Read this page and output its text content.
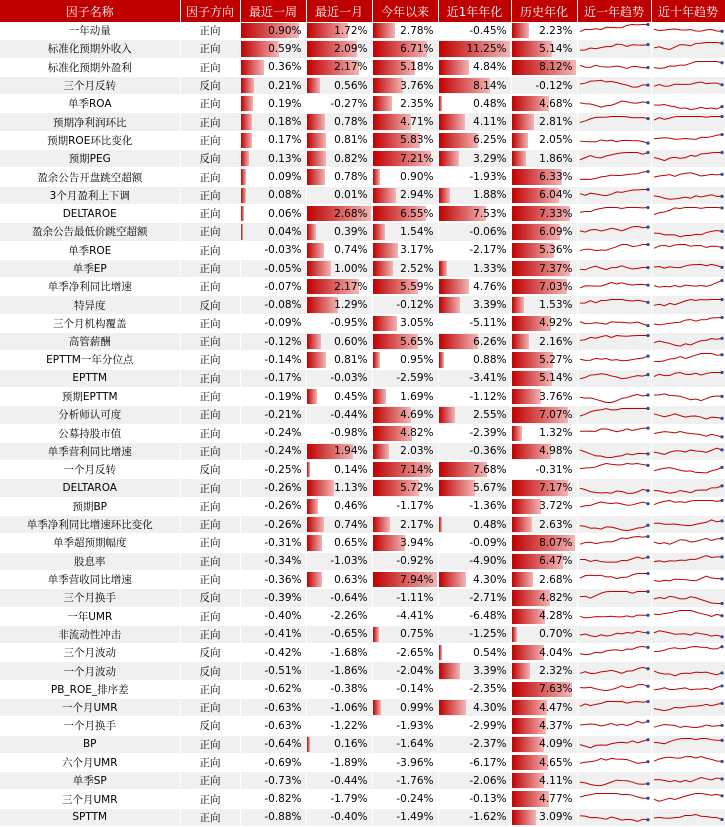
因子名称	因子方向	最近一周	最近一月	今年以来	近1年年化	历史年化	近一年趋势	近十年趋势
一年动量	正向	0.90%	1.72%	2.78%	-0.45%	2.23%	

标准化预期外收入	正向	0.59%	2.09%	6.71%	11.25%	5.14%	

标准化预期外盈利	正向	0.36%	2.17%	5.18%	4.84%	8.12%	

三个月反转	反向	0.21%	0.56%	3.76%	8.14%	-0.12%	

单季ROA	正向	0.19%	-0.27%	2.35%	0.48%	4.68%	

预期净利润环比	正向	0.18%	0.78%	4.71%	4.11%	2.81%	

预期ROE环比变化	正向	0.17%	0.81%	5.83%	6.25%	2.05%	

预期PEG	反向	0.13%	0.82%	7.21%	3.29%	1.86%	

盈余公告开盘跳空超额	正向	0.09%	0.78%	0.90%	-1.93%	6.33%	

3个月盈利上下调	正向	0.08%	0.01%	2.94%	1.88%	6.04%	

DELTAROE	正向	0.06%	2.68%	6.55%	7.53%	7.33%	

盈余公告最低价跳空超额	正向	0.04%	0.39%	1.54%	-0.06%	6.09%	

单季ROE	正向	-0.03%	0.74%	3.17%	-2.17%	5.36%	

单季EP	正向	-0.05%	1.00%	2.52%	1.33%	7.37%	

单季净利同比增速	正向	-0.07%	2.17%	5.59%	4.76%	7.03%	

特异度	反向	-0.08%	1.29%	-0.12%	3.39%	1.53%	

三个月机构覆盖	正向	-0.09%	-0.95%	3.05%	-5.11%	4.92%	

高管薪酬	正向	-0.12%	0.60%	5.65%	6.26%	2.16%	

EPTTM一年分位点	正向	-0.14%	0.81%	0.95%	0.88%	5.27%	

EPTTM	正向	-0.17%	-0.03%	-2.59%	-3.41%	5.14%	

预期EPTTM	正向	-0.19%	0.45%	1.69%	-1.12%	3.76%	

分析师认可度	正向	-0.21%	-0.44%	4.69%	2.55%	7.07%	

公募持股市值	正向	-0.24%	-0.98%	4.82%	-2.39%	1.32%	

单季营利同比增速	正向	-0.24%	1.94%	2.03%	-0.36%	4.98%	

一个月反转	反向	-0.25%	0.14%	7.14%	7.68%	-0.31%	

DELTAROA	正向	-0.26%	1.13%	5.72%	5.67%	7.17%	

预期BP	正向	-0.26%	0.46%	-1.17%	-1.36%	3.72%	

单季净利同比增速环比变化	正向	-0.26%	0.74%	2.17%	0.48%	2.63%	

单季超预期幅度	正向	-0.31%	0.65%	3.94%	-0.09%	8.07%	

股息率	正向	-0.34%	-1.03%	-0.92%	-4.90%	6.47%	

单季营收同比增速	正向	-0.36%	0.63%	7.94%	4.30%	2.68%	

三个月换手	反向	-0.39%	-0.64%	-1.11%	-2.71%	4.82%	

一年UMR	正向	-0.40%	-2.26%	-4.41%	-6.48%	4.28%	

非流动性冲击	正向	-0.41%	-0.65%	0.75%	-1.25%	0.70%	

三个月波动	反向	-0.42%	-1.68%	-2.65%	0.54%	4.04%	

一个月波动	反向	-0.51%	-1.86%	-2.04%	3.39%	2.32%	

PB_ROE_排序差	正向	-0.62%	-0.38%	-0.14%	-2.35%	7.63%	

一个月UMR	正向	-0.63%	-1.06%	0.99%	4.30%	4.47%	

一个月换手	反向	-0.63%	-1.22%	-1.93%	-2.99%	4.37%	

BP	正向	-0.64%	0.16%	-1.64%	-2.37%	4.09%	

六个月UMR	正向	-0.69%	-1.89%	-3.96%	-6.17%	4.65%	

单季SP	正向	-0.73%	-0.44%	-1.76%	-2.06%	4.11%	

三个月UMR	正向	-0.82%	-1.79%	-0.24%	-0.13%	4.77%	

SPTTM	正向	-0.88%	-0.40%	-1.49%	-1.62%	3.09%	
